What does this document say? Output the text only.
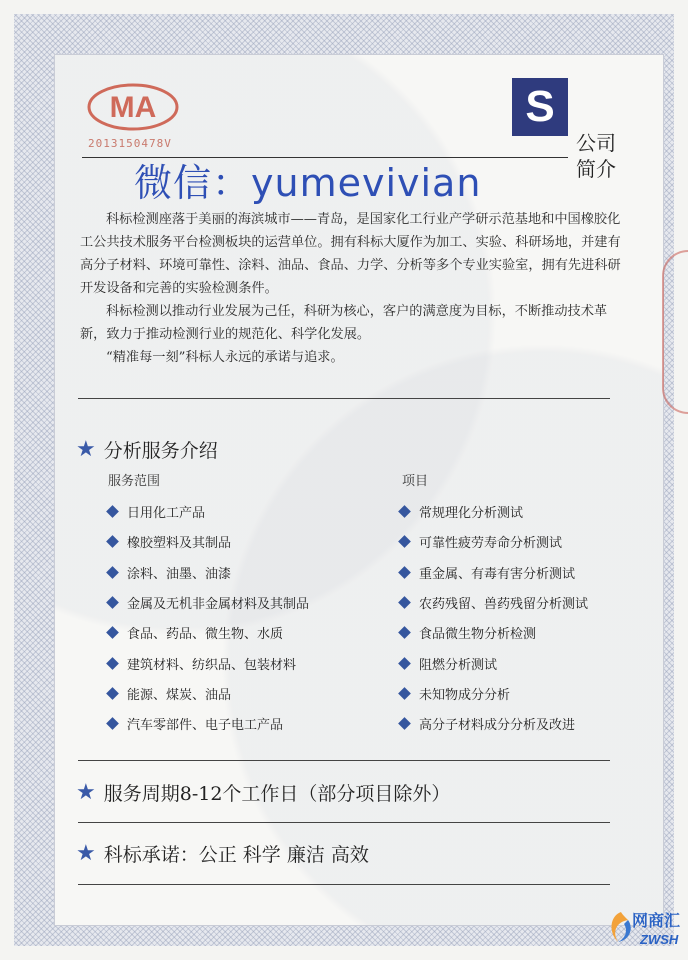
MA
2013150478V
S
公司
简介
微信：yumevivian

科标检测座落于美丽的海滨城市——青岛，是国家化工行业产学研示范基地和中国橡胶化工公共技术服务平台检测板块的运营单位。拥有科标大厦作为加工、实验、科研场地，并建有高分子材料、环境可靠性、涂料、油品、食品、力学、分析等多个专业实验室，拥有先进科研开发设备和完善的实验检测条件。

科标检测以推动行业发展为己任，科研为核心，客户的满意度为目标，不断推动技术革新，致力于推动检测行业的规范化、科学化发展。

“精准每一刻”科标人永远的承诺与追求。

★ 分析服务介绍
服务范围	项目
日用化工产品
橡胶塑料及其制品
涂料、油墨、油漆
金属及无机非金属材料及其制品
食品、药品、微生物、水质
建筑材料、纺织品、包装材料
能源、煤炭、油品
汽车零部件、电子电工产品
常规理化分析测试
可靠性疲劳寿命分析测试
重金属、有毒有害分析测试
农药残留、兽药残留分析测试
食品微生物分析检测
阻燃分析测试
未知物成分分析
高分子材料成分分析及改进
★ 服务周期8-12个工作日（部分项目除外）
★ 科标承诺：公正 科学 廉洁 高效
网商汇
ZWSH
